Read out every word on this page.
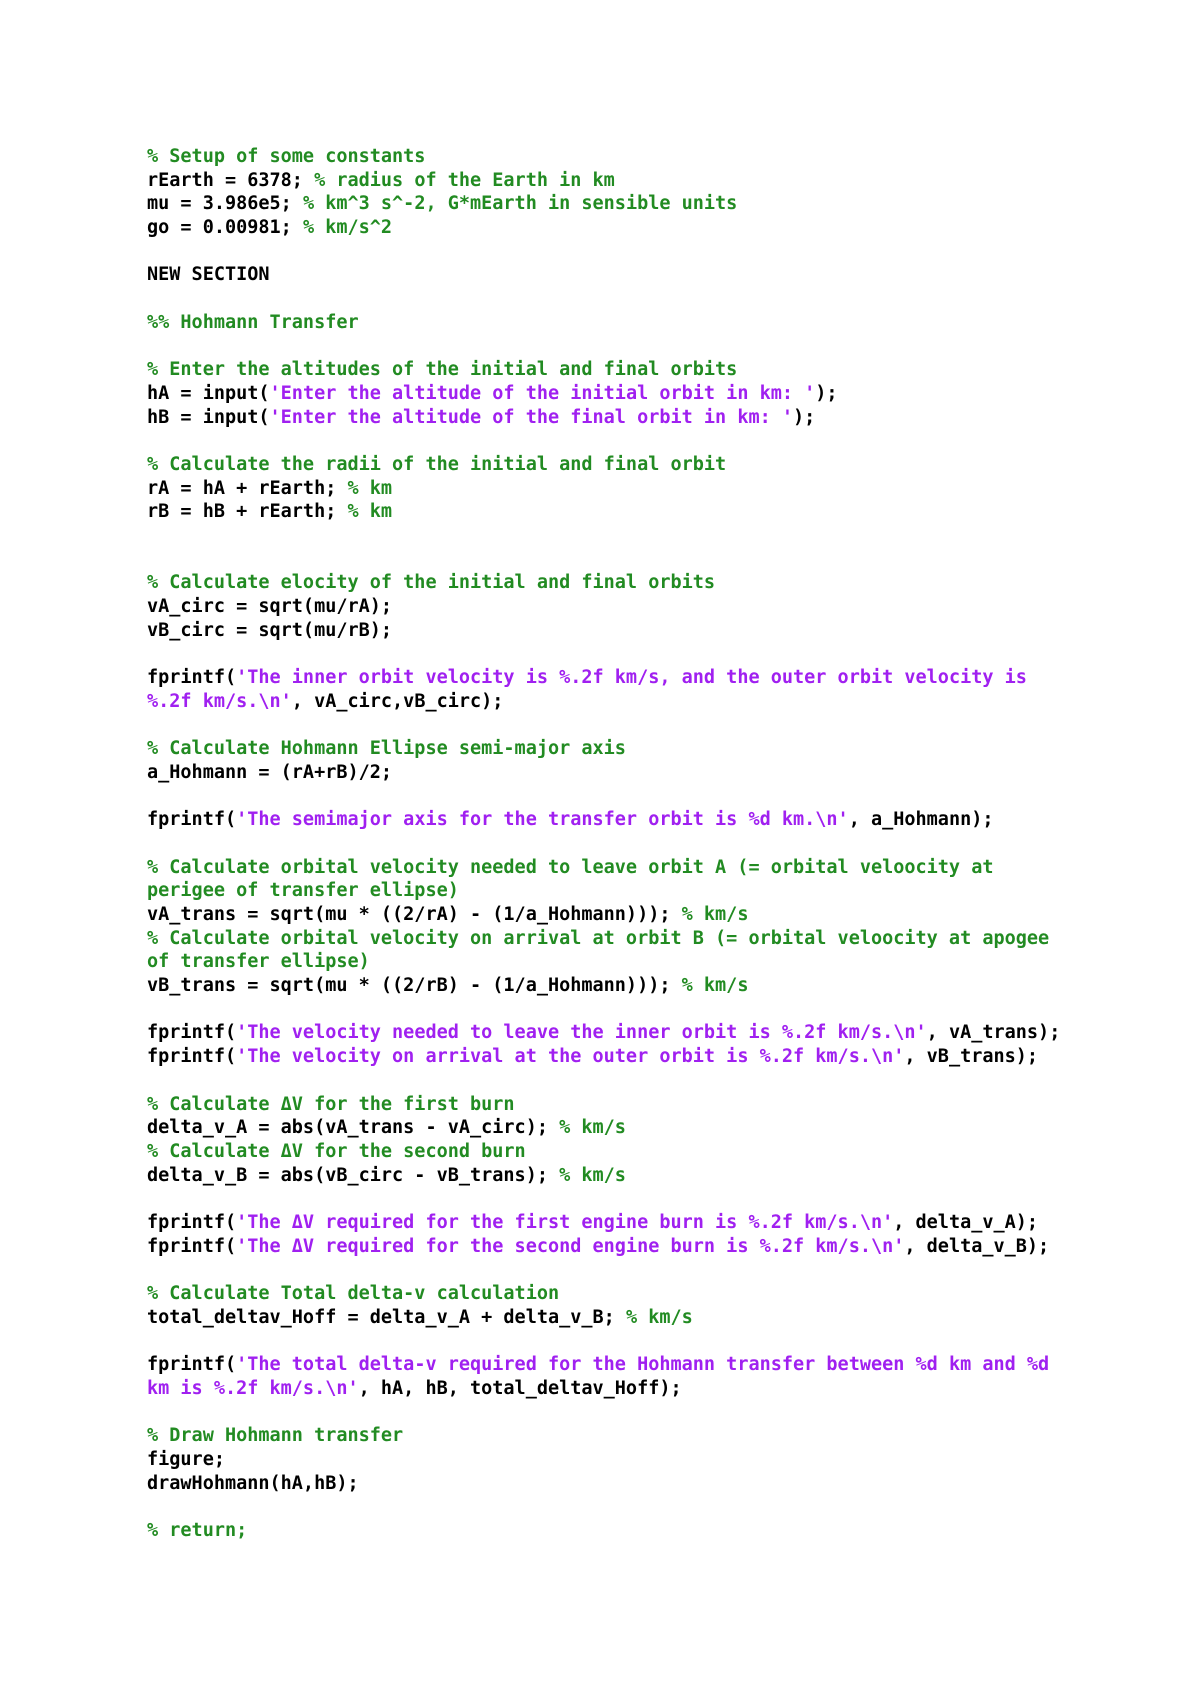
% Setup of some constants
rEarth = 6378; % radius of the Earth in km
mu = 3.986e5; % km^3 s^-2, G*mEarth in sensible units
go = 0.00981; % km/s^2
NEW SECTION
%% Hohmann Transfer
% Enter the altitudes of the initial and final orbits
hA = input('Enter the altitude of the initial orbit in km: ');
hB = input('Enter the altitude of the final orbit in km: ');
% Calculate the radii of the initial and final orbit
rA = hA + rEarth; % km
rB = hB + rEarth; % km
% Calculate elocity of the initial and final orbits
vA_circ = sqrt(mu/rA);
vB_circ = sqrt(mu/rB);
fprintf('The inner orbit velocity is %.2f km/s, and the outer orbit velocity is
%.2f km/s.\n', vA_circ,vB_circ);
% Calculate Hohmann Ellipse semi-major axis
a_Hohmann = (rA+rB)/2;
fprintf('The semimajor axis for the transfer orbit is %d km.\n', a_Hohmann);
% Calculate orbital velocity needed to leave orbit A (= orbital veloocity at
perigee of transfer ellipse)
vA_trans = sqrt(mu * ((2/rA) - (1/a_Hohmann))); % km/s
% Calculate orbital velocity on arrival at orbit B (= orbital veloocity at apogee
of transfer ellipse)
vB_trans = sqrt(mu * ((2/rB) - (1/a_Hohmann))); % km/s
fprintf('The velocity needed to leave the inner orbit is %.2f km/s.\n', vA_trans);
fprintf('The velocity on arrival at the outer orbit is %.2f km/s.\n', vB_trans);
% Calculate ΔV for the first burn
delta_v_A = abs(vA_trans - vA_circ); % km/s
% Calculate ΔV for the second burn
delta_v_B = abs(vB_circ - vB_trans); % km/s
fprintf('The ΔV required for the first engine burn is %.2f km/s.\n', delta_v_A);
fprintf('The ΔV required for the second engine burn is %.2f km/s.\n', delta_v_B);
% Calculate Total delta-v calculation
total_deltav_Hoff = delta_v_A + delta_v_B; % km/s
fprintf('The total delta-v required for the Hohmann transfer between %d km and %d
km is %.2f km/s.\n', hA, hB, total_deltav_Hoff);
% Draw Hohmann transfer
figure;
drawHohmann(hA,hB);
% return;
